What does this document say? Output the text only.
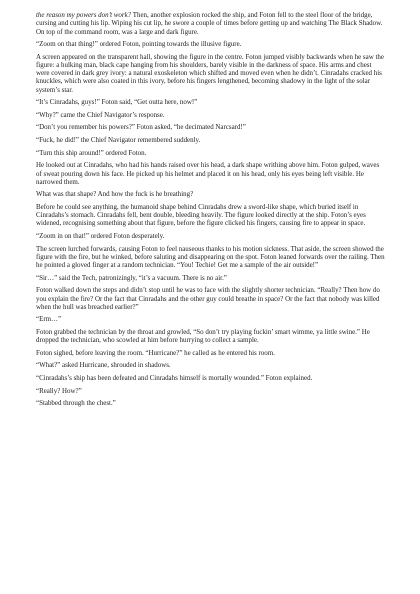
the reason my powers don’t work? Then, another explosion rocked the ship, and Foton fell to the steel floor of the bridge, cursing and cutting his lip. Wiping his cut lip, he swore a couple of times before getting up and watching The Black Shadow. On top of the command room, was a large and dark figure.

“Zoom on that thing!” ordered Foton, pointing towards the illusive figure.

A screen appeared on the transparent hall, showing the figure in the centre. Foton jumped visibly backwards when he saw the figure: a hulking man, black cape hanging from his shoulders, barely visible in the darkness of space. His arms and chest were covered in dark grey ivory: a natural exoskeleton which shifted and moved even when he didn’t. Cinradahs cracked his knuckles, which were also coated in this ivory, before his fingers lengthened, becoming shadowy in the light of the solar system’s star.

“It’s Cinradahs, guys!” Foton said, “Get outta here, now!”

“Why?” came the Chief Navigator’s response.

“Don’t you remember his powers?” Foton asked, “he decimated Narcsard!”

“Fuck, he did!” the Chief Navigator remembered suddenly.

“Turn this ship around!” ordered Foton.

He looked out at Cinradahs, who had his hands raised over his head, a dark shape writhing above him. Foton gulped, waves of sweat pouring down his face. He picked up his helmet and placed it on his head, only his eyes being left visible. He narrowed them.

What was that shape? And how the fuck is he breathing?

Before he could see anything, the humanoid shape behind Cinradahs drew a sword-like shape, which buried itself in Cinradahs’s stomach. Cinradahs fell, bent double, bleeding heavily. The figure looked directly at the ship. Foton’s eyes widened, recognising something about that figure, before the figure clicked his fingers, causing fire to appear in space.

“Zoom in on that!” ordered Foton desperately.

The screen lurched forwards, causing Foton to feel nauseous thanks to his motion sickness. That aside, the screen showed the figure with the fire, but he winked, before saluting and disappearing on the spot. Foton leaned forwards over the railing. Then he pointed a gloved finger at a random technician. “You! Techie! Get me a sample of the air outside!”

“Sir…” said the Tech, patronizingly, “it’s a vacuum. There is no air.”

Foton walked down the steps and didn’t stop until he was to face with the slightly shorter technician. “Really? Then how do you explain the fire? Or the fact that Cinradahs and the other guy could breathe in space? Or the fact that nobody was killed when the hull was breached earlier?”

“Erm…”

Foton grabbed the technician by the throat and growled, “So don’t try playing fuckin’ smart wimme, ya little swine.” He dropped the technician, who scowled at him before hurrying to collect a sample.

Foton sighed, before leaving the room. “Hurricane?” he called as he entered his room.

“What?” asked Hurricane, shrouded in shadows.

“Cinradahs’s ship has been defeated and Cinradahs himself is mortally wounded.” Foton explained.

“Really? How?”

“Stabbed through the chest.”
